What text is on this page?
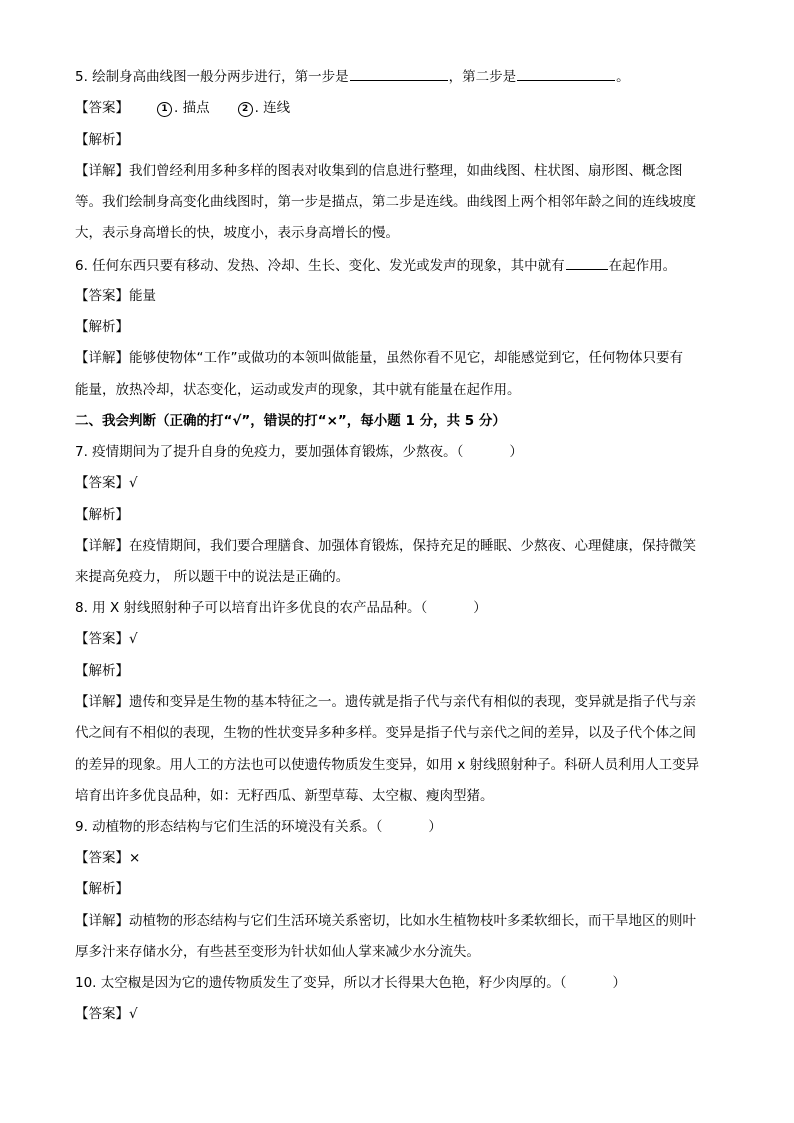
5. 绘制身高曲线图一般分两步进行，第一步是	，第二步是	。
【答案】	1 . 描点	2 . 连线
【解析】
【详解】我们曾经利用多种多样的图表对收集到的信息进行整理，如曲线图、柱状图、扇形图、概念图
等。我们绘制身高变化曲线图时，第一步是描点，第二步是连线。曲线图上两个相邻年龄之间的连线坡度
大，表示身高增长的快，坡度小，表示身高增长的慢。
6. 任何东西只要有移动、发热、冷却、生长、变化、发光或发声的现象，其中就有	在起作用。
【答案】能量
【解析】
【详解】能够使物体“工作”或做功的本领叫做能量，虽然你看不见它，却能感觉到它，任何物体只要有
能量，放热冷却，状态变化，运动或发声的现象，其中就有能量在起作用。
二、我会判断（正确的打“√”，错误的打“×”，每小题 1 分，共 5 分）
7. 疫情期间为了提升自身的免疫力，要加强体育锻炼，少熬夜。（	）
【答案】√
【解析】
【详解】在疫情期间，我们要合理膳食、加强体育锻炼，保持充足的睡眠、少熬夜、心理健康，保持微笑
来提高免疫力， 所以题干中的说法是正确的。
8. 用 X 射线照射种子可以培育出许多优良的农产品品种。（	）
【答案】√
【解析】
【详解】遗传和变异是生物的基本特征之一。遗传就是指子代与亲代有相似的表现，变异就是指子代与亲
代之间有不相似的表现，生物的性状变异多种多样。变异是指子代与亲代之间的差异，以及子代个体之间
的差异的现象。用人工的方法也可以使遗传物质发生变异，如用 x 射线照射种子。科研人员利用人工变异
培育出许多优良品种，如：无籽西瓜、新型草莓、太空椒、瘦肉型猪。
9. 动植物的形态结构与它们生活的环境没有关系。（	）
【答案】×
【解析】
【详解】动植物的形态结构与它们生活环境关系密切，比如水生植物枝叶多柔软细长，而干旱地区的则叶
厚多汁来存储水分，有些甚至变形为针状如仙人掌来减少水分流失。
10. 太空椒是因为它的遗传物质发生了变异，所以才长得果大色艳，籽少肉厚的。（	）
【答案】√
